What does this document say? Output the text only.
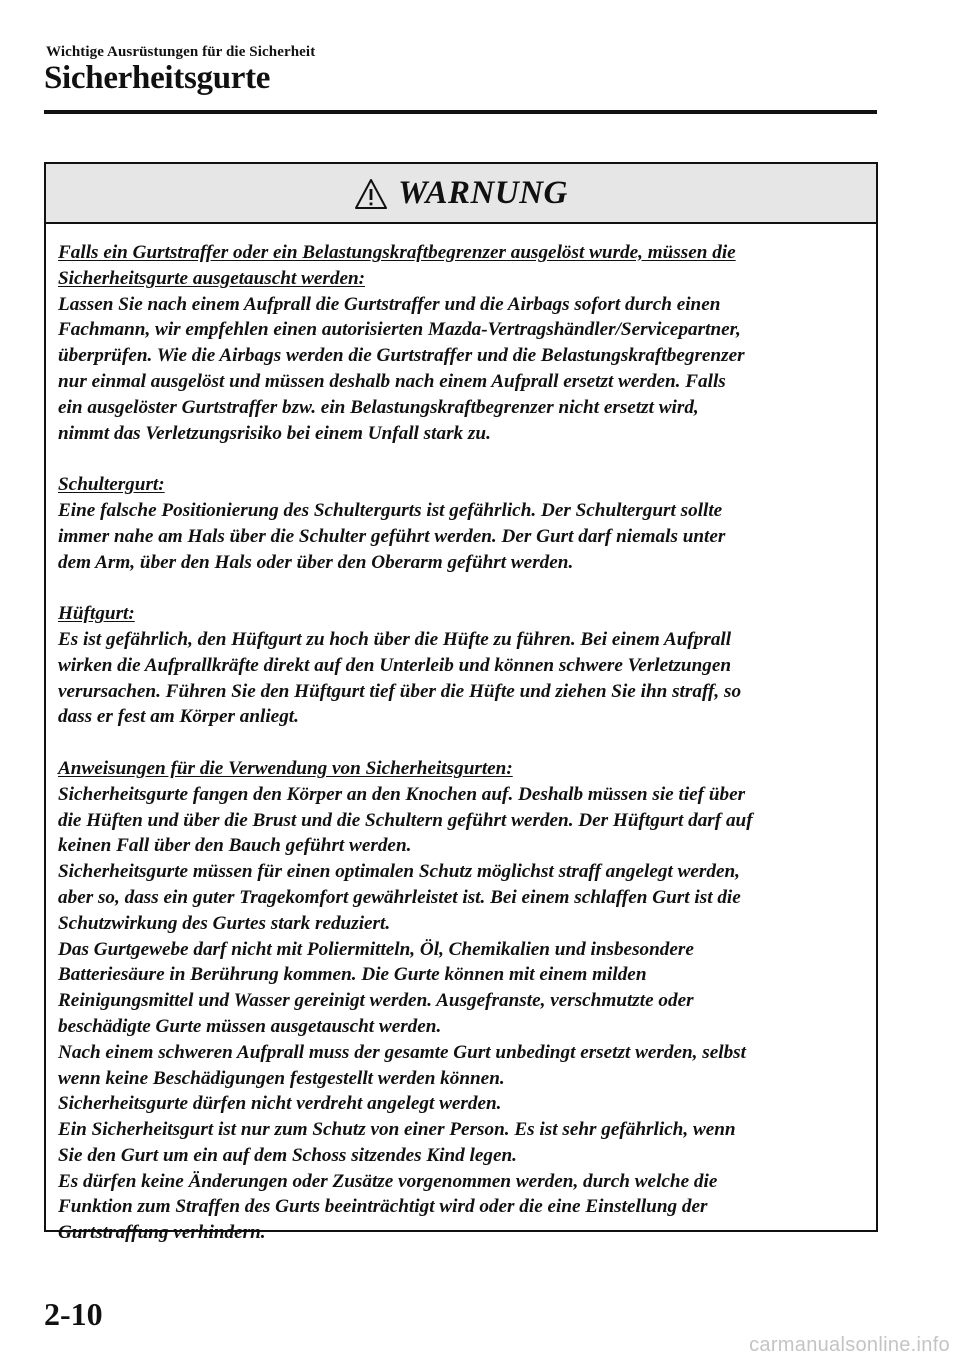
Wichtige Ausrüstungen für die Sicherheit
Sicherheitsgurte
WARNUNG

Falls ein Gurtstraffer oder ein Belastungskraftbegrenzer ausgelöst wurde, müssen die
Sicherheitsgurte ausgetauscht werden:
Lassen Sie nach einem Aufprall die Gurtstraffer und die Airbags sofort durch einen
Fachmann, wir empfehlen einen autorisierten Mazda-Vertragshändler/Servicepartner,
überprüfen. Wie die Airbags werden die Gurtstraffer und die Belastungskraftbegrenzer
nur einmal ausgelöst und müssen deshalb nach einem Aufprall ersetzt werden. Falls
ein ausgelöster Gurtstraffer bzw. ein Belastungskraftbegrenzer nicht ersetzt wird,
nimmt das Verletzungsrisiko bei einem Unfall stark zu.

Schultergurt:
Eine falsche Positionierung des Schultergurts ist gefährlich. Der Schultergurt sollte
immer nahe am Hals über die Schulter geführt werden. Der Gurt darf niemals unter
dem Arm, über den Hals oder über den Oberarm geführt werden.

Hüftgurt:
Es ist gefährlich, den Hüftgurt zu hoch über die Hüfte zu führen. Bei einem Aufprall
wirken die Aufprallkräfte direkt auf den Unterleib und können schwere Verletzungen
verursachen. Führen Sie den Hüftgurt tief über die Hüfte und ziehen Sie ihn straff, so
dass er fest am Körper anliegt.

Anweisungen für die Verwendung von Sicherheitsgurten:
Sicherheitsgurte fangen den Körper an den Knochen auf. Deshalb müssen sie tief über
die Hüften und über die Brust und die Schultern geführt werden. Der Hüftgurt darf auf
keinen Fall über den Bauch geführt werden.
Sicherheitsgurte müssen für einen optimalen Schutz möglichst straff angelegt werden,
aber so, dass ein guter Tragekomfort gewährleistet ist. Bei einem schlaffen Gurt ist die
Schutzwirkung des Gurtes stark reduziert.
Das Gurtgewebe darf nicht mit Poliermitteln, Öl, Chemikalien und insbesondere
Batteriesäure in Berührung kommen. Die Gurte können mit einem milden
Reinigungsmittel und Wasser gereinigt werden. Ausgefranste, verschmutzte oder
beschädigte Gurte müssen ausgetauscht werden.
Nach einem schweren Aufprall muss der gesamte Gurt unbedingt ersetzt werden, selbst
wenn keine Beschädigungen festgestellt werden können.
Sicherheitsgurte dürfen nicht verdreht angelegt werden.
Ein Sicherheitsgurt ist nur zum Schutz von einer Person. Es ist sehr gefährlich, wenn
Sie den Gurt um ein auf dem Schoss sitzendes Kind legen.
Es dürfen keine Änderungen oder Zusätze vorgenommen werden, durch welche die
Funktion zum Straffen des Gurts beeinträchtigt wird oder die eine Einstellung der
Gurtstraffung verhindern.

2-10
carmanualsonline.info
